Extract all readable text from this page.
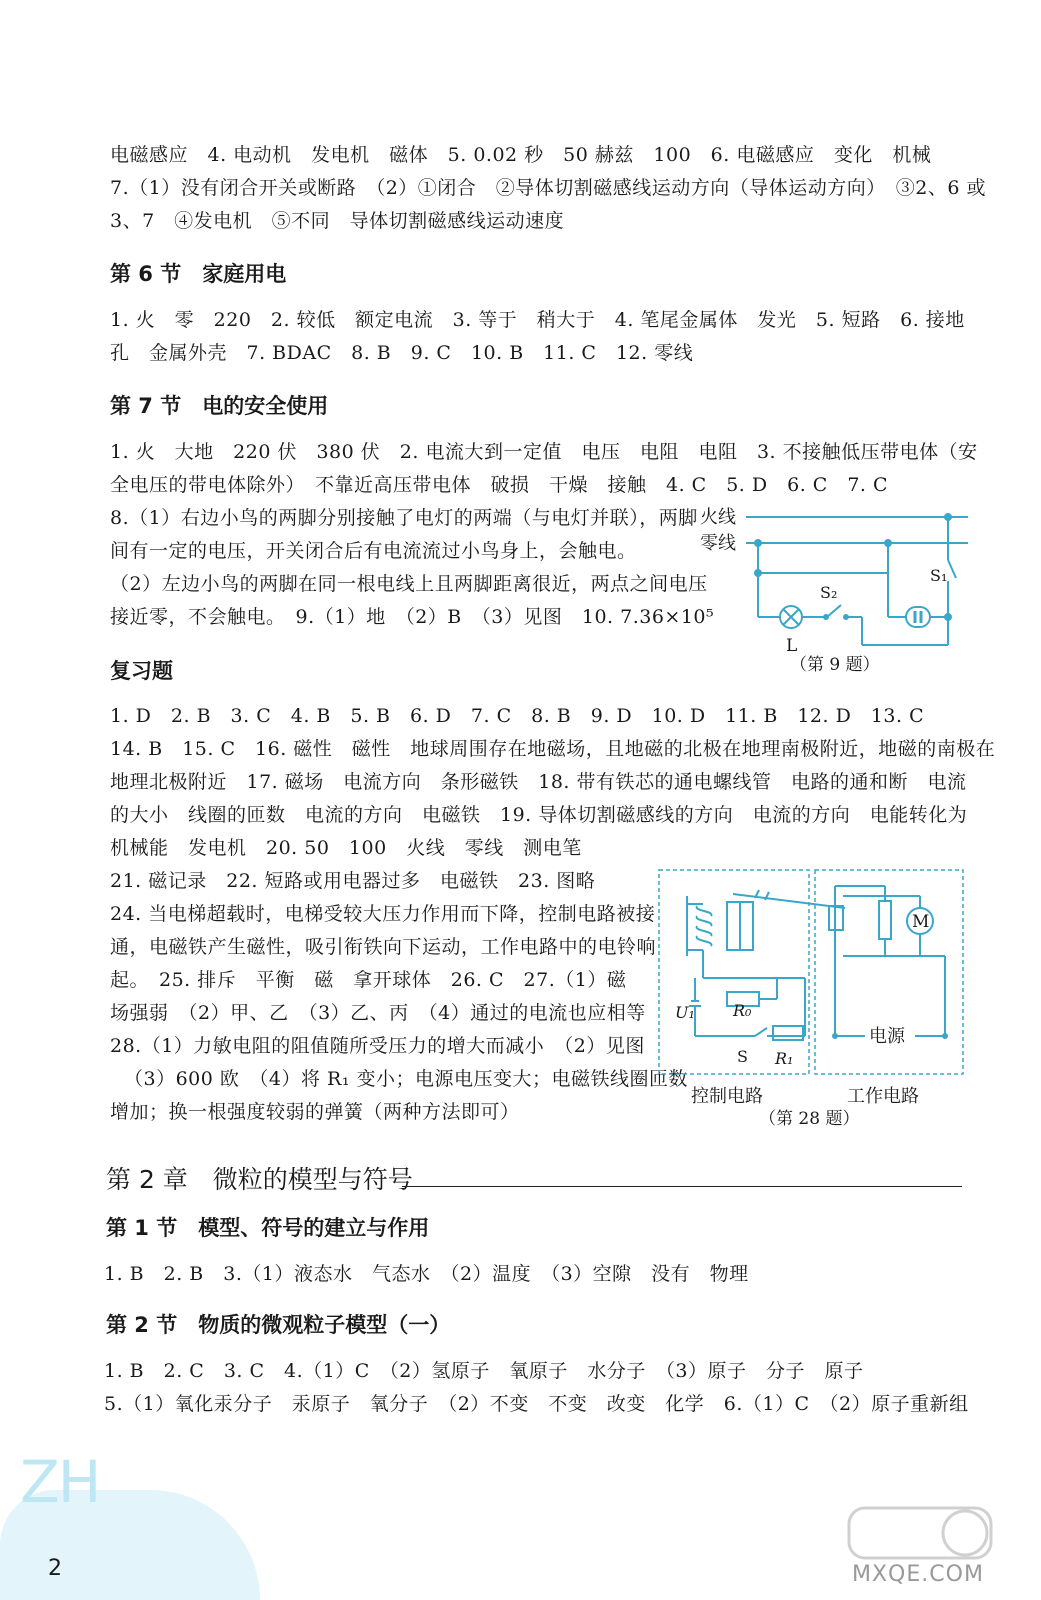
ZH
电磁感应　4. 电动机　发电机　磁体　5. 0.02 秒　50 赫兹　100　6. 电磁感应　变化　机械
7.（1）没有闭合开关或断路　（2）①闭合　②导体切割磁感线运动方向（导体运动方向）　③2、6 或
3、7　④发电机　⑤不同　导体切割磁感线运动速度
第 6 节　家庭用电
1. 火　零　220　2. 较低　额定电流　3. 等于　稍大于　4. 笔尾金属体　发光　5. 短路　6. 接地
孔　金属外壳　7. BDAC　8. B　9. C　10. B　11. C　12. 零线
第 7 节　电的安全使用
1. 火　大地　220 伏　380 伏　2. 电流大到一定值　电压　电阻　电阻　3. 不接触低压带电体（安
全电压的带电体除外）　不靠近高压带电体　破损　干燥　接触　4. C　5. D　6. C　7. C
8.（1）右边小鸟的两脚分别接触了电灯的两端（与电灯并联），两脚
间有一定的电压，开关闭合后有电流流过小鸟身上，会触电。
（2）左边小鸟的两脚在同一根电线上且两脚距离很近，两点之间电压
接近零，不会触电。　9.（1）地　（2）B　（3）见图　10. 7.36×10⁵
火线
零线
S₁
S₂
L
（第 9 题）
复习题
1. D　2. B　3. C　4. B　5. B　6. D　7. C　8. B　9. D　10. D　11. B　12. D　13. C
14. B　15. C　16. 磁性　磁性　地球周围存在地磁场，且地磁的北极在地理南极附近，地磁的南极在
地理北极附近　17. 磁场　电流方向　条形磁铁　18. 带有铁芯的通电螺线管　电路的通和断　电流
的大小　线圈的匝数　电流的方向　电磁铁　19. 导体切割磁感线的方向　电流的方向　电能转化为
机械能　发电机　20. 50　100　火线　零线　测电笔
21. 磁记录　22. 短路或用电器过多　电磁铁　23. 图略
24. 当电梯超载时，电梯受较大压力作用而下降，控制电路被接
通，电磁铁产生磁性，吸引衔铁向下运动，工作电路中的电铃响
起。　25. 排斥　平衡　磁　拿开球体　26. C　27.（1）磁
场强弱　（2）甲、乙　（3）乙、丙　（4）通过的电流也应相等
28.（1）力敏电阻的阻值随所受压力的增大而减小　（2）见图
（3）600 欧　（4）将 R₁ 变小；电源电压变大；电磁铁线圈匝数
增加；换一根强度较弱的弹簧（两种方法即可）
M
U₁ R₀
S R₁
电源
控制电路	工作电路
（第 28 题）
第 2 章　微粒的模型与符号
第 1 节　模型、符号的建立与作用
1. B　2. B　3.（1）液态水　气态水　（2）温度　（3）空隙　没有　物理
第 2 节　物质的微观粒子模型（一）
1. B　2. C　3. C　4.（1）C　（2）氢原子　氧原子　水分子　（3）原子　分子　原子
5.（1）氧化汞分子　汞原子　氧分子　（2）不变　不变　改变　化学　6.（1）C　（2）原子重新组
2	MXQE.COM
